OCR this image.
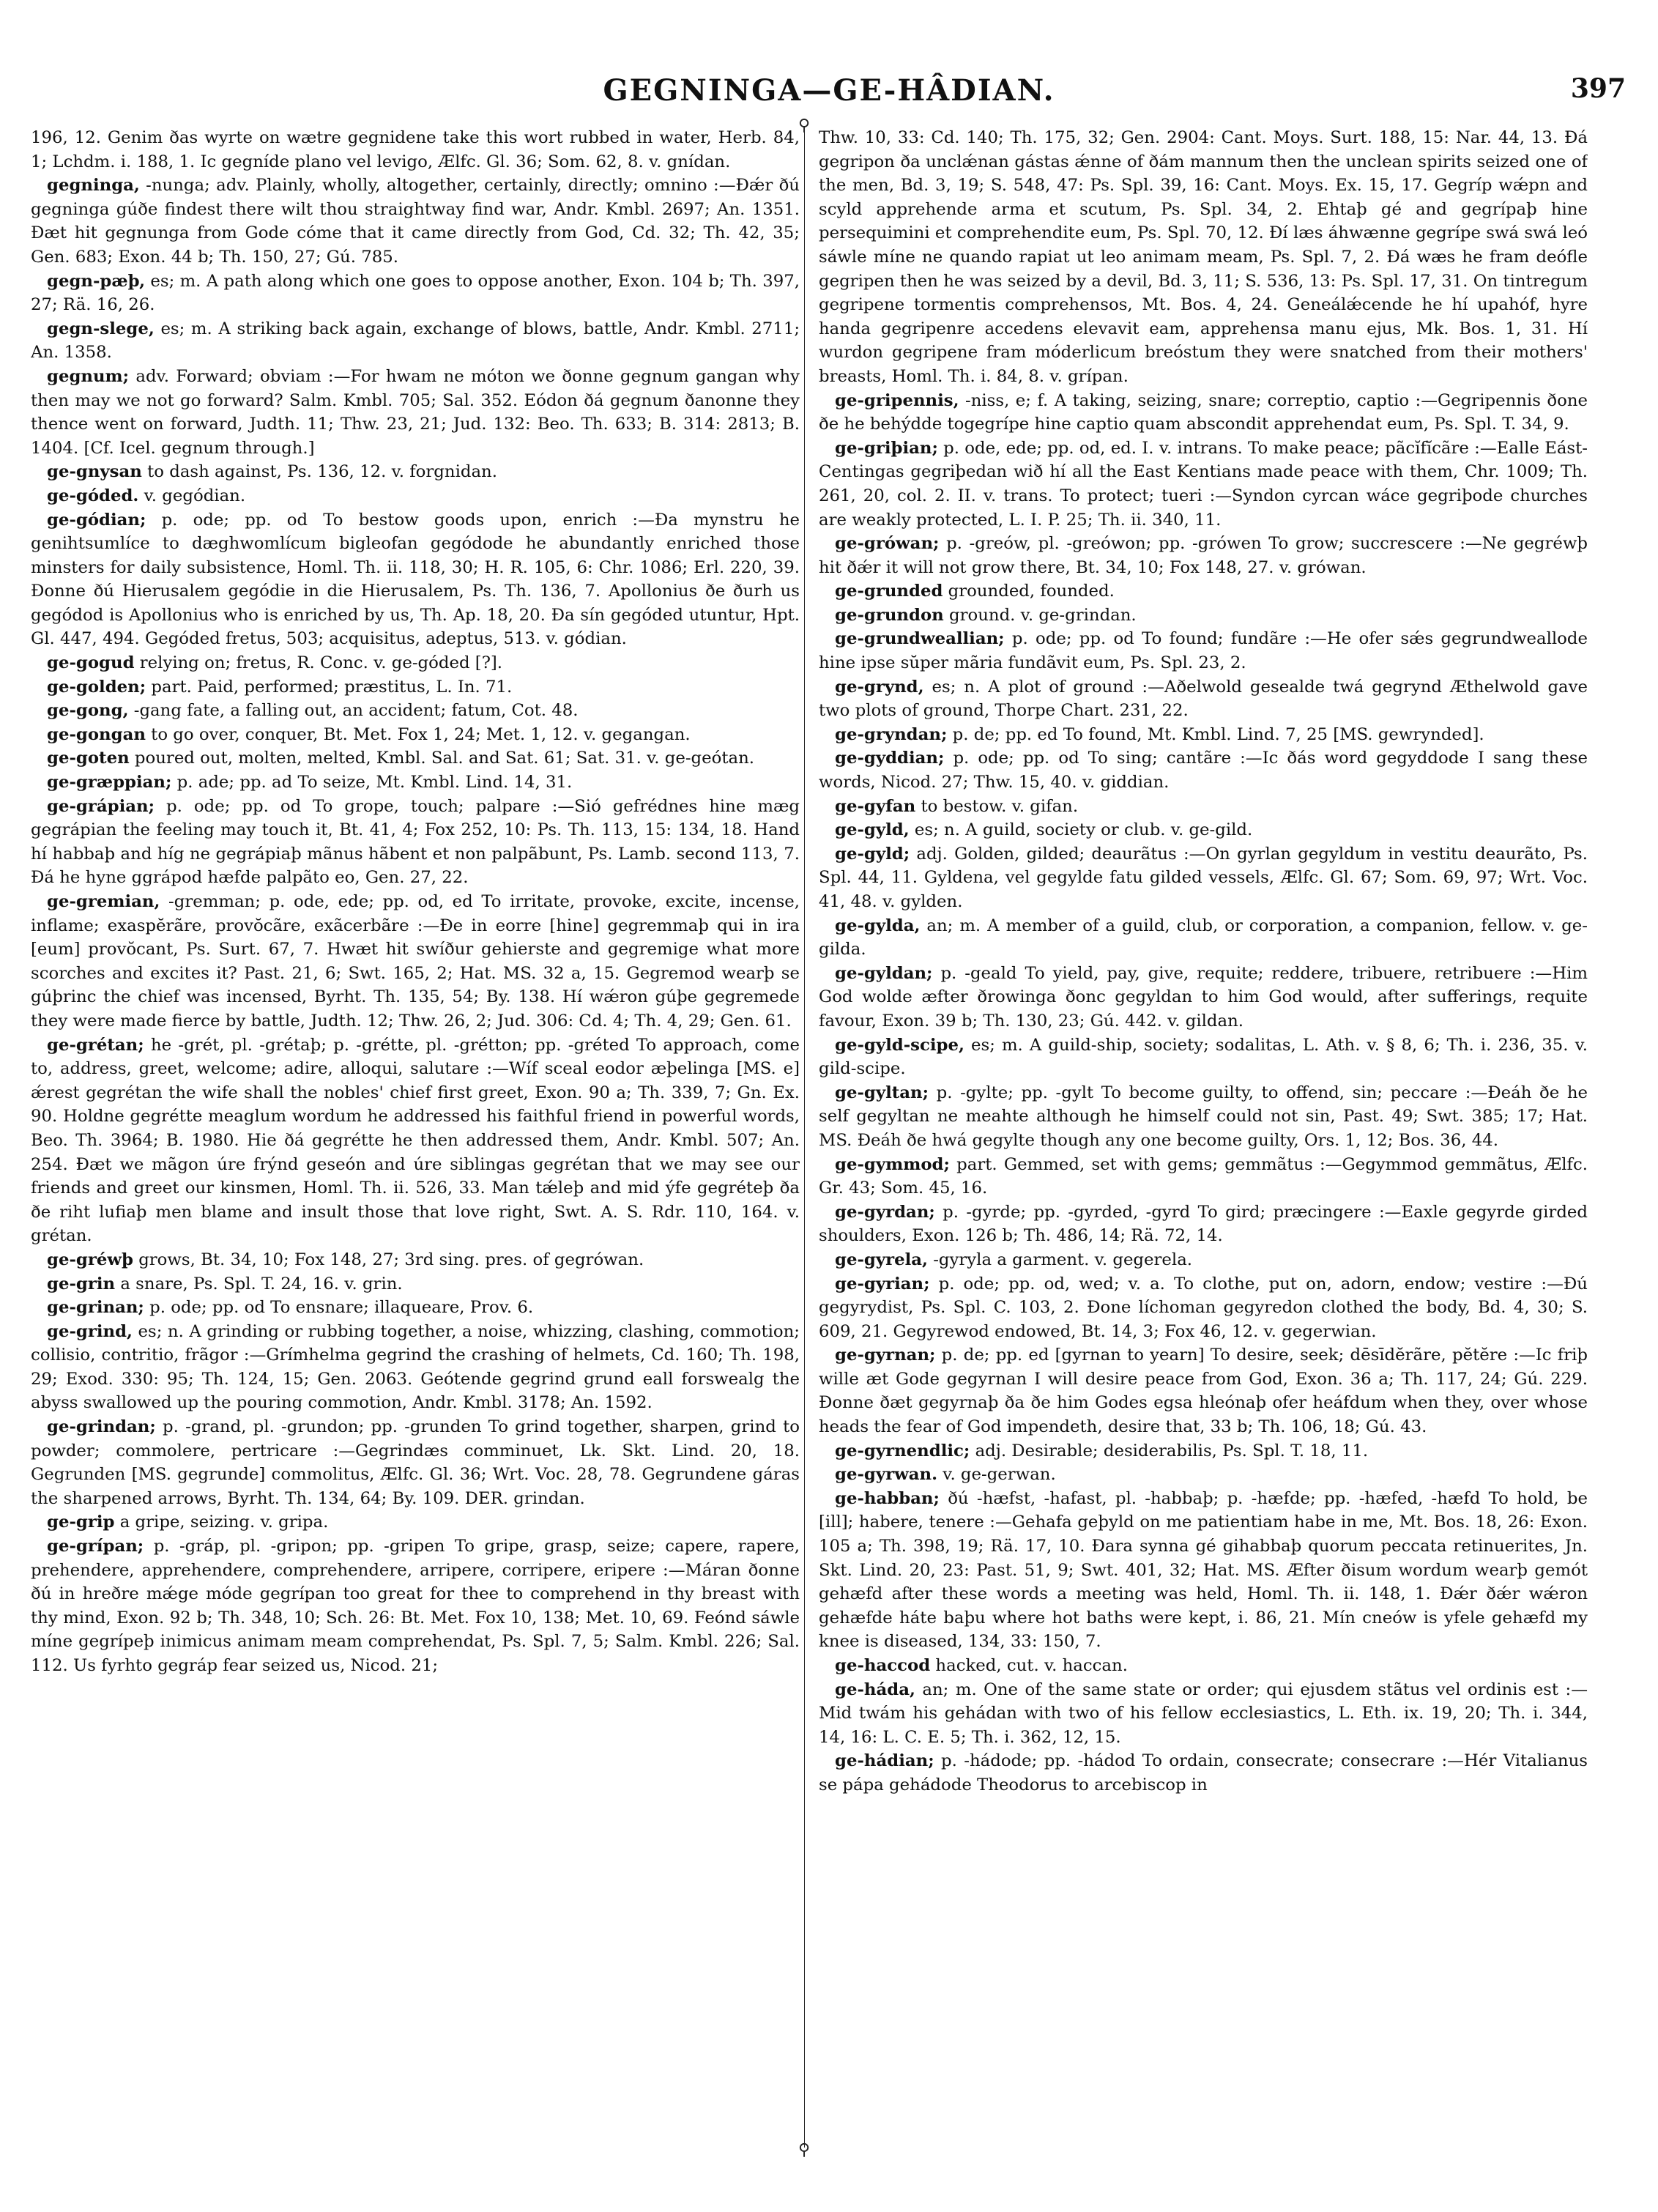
GEGNINGA—GE-HÂDIAN.	397

196, 12. Genim ðas wyrte on wætre gegnidene take this wort rubbed in water, Herb. 84, 1; Lchdm. i. 188, 1. Ic gegníde plano vel levigo, Ælfc. Gl. 36; Som. 62, 8. v. gnídan.

gegninga, -nunga; adv. Plainly, wholly, altogether, certainly, directly; omnino :—Ðǽr ðú gegninga gúðe findest there wilt thou straightway find war, Andr. Kmbl. 2697; An. 1351. Ðæt hit gegnunga from Gode cóme that it came directly from God, Cd. 32; Th. 42, 35; Gen. 683; Exon. 44 b; Th. 150, 27; Gú. 785.

gegn-pæþ, es; m. A path along which one goes to oppose another, Exon. 104 b; Th. 397, 27; Rä. 16, 26.

gegn-slege, es; m. A striking back again, exchange of blows, battle, Andr. Kmbl. 2711; An. 1358.

gegnum; adv. Forward; obviam :—For hwam ne móton we ðonne gegnum gangan why then may we not go forward? Salm. Kmbl. 705; Sal. 352. Eódon ðá gegnum ðanonne they thence went on forward, Judth. 11; Thw. 23, 21; Jud. 132: Beo. Th. 633; B. 314: 2813; B. 1404. [Cf. Icel. gegnum through.]

ge-gnysan to dash against, Ps. 136, 12. v. forgnidan.

ge-góded. v. gegódian.

ge-gódian; p. ode; pp. od To bestow goods upon, enrich :—Ða mynstru he genihtsumlíce to dæghwomlícum bigleofan gegódode he abundantly enriched those minsters for daily subsistence, Homl. Th. ii. 118, 30; H. R. 105, 6: Chr. 1086; Erl. 220, 39. Ðonne ðú Hierusalem gegódie in die Hierusalem, Ps. Th. 136, 7. Apollonius ðe ðurh us gegódod is Apollonius who is enriched by us, Th. Ap. 18, 20. Ða sín gegóded utuntur, Hpt. Gl. 447, 494. Gegóded fretus, 503; acquisitus, adeptus, 513. v. gódian.

ge-gogud relying on; fretus, R. Conc. v. ge-góded [?].

ge-golden; part. Paid, performed; præstitus, L. In. 71.

ge-gong, -gang fate, a falling out, an accident; fatum, Cot. 48.

ge-gongan to go over, conquer, Bt. Met. Fox 1, 24; Met. 1, 12. v. gegangan.

ge-goten poured out, molten, melted, Kmbl. Sal. and Sat. 61; Sat. 31. v. ge-geótan.

ge-græppian; p. ade; pp. ad To seize, Mt. Kmbl. Lind. 14, 31.

ge-grápian; p. ode; pp. od To grope, touch; palpare :—Sió gefrédnes hine mæg gegrápian the feeling may touch it, Bt. 41, 4; Fox 252, 10: Ps. Th. 113, 15: 134, 18. Hand hí habbaþ and híg ne gegrápiaþ mãnus hãbent et non palpãbunt, Ps. Lamb. second 113, 7. Ðá he hyne ggrápod hæfde palpãto eo, Gen. 27, 22.

ge-gremian, -gremman; p. ode, ede; pp. od, ed To irritate, provoke, excite, incense, inflame; exaspĕrãre, provŏcãre, exãcerbãre :—Ðe in eorre [hine] gegremmaþ qui in ira [eum] provŏcant, Ps. Surt. 67, 7. Hwæt hit swíður gehierste and gegremige what more scorches and excites it? Past. 21, 6; Swt. 165, 2; Hat. MS. 32 a, 15. Gegremod wearþ se gúþrinc the chief was incensed, Byrht. Th. 135, 54; By. 138. Hí wǽron gúþe gegremede they were made fierce by battle, Judth. 12; Thw. 26, 2; Jud. 306: Cd. 4; Th. 4, 29; Gen. 61.

ge-grétan; he -grét, pl. -grétaþ; p. -grétte, pl. -grétton; pp. -gréted To approach, come to, address, greet, welcome; adire, alloqui, salutare :—Wíf sceal eodor æþelinga [MS. e] ǽrest gegrétan the wife shall the nobles' chief first greet, Exon. 90 a; Th. 339, 7; Gn. Ex. 90. Holdne gegrétte meaglum wordum he addressed his faithful friend in powerful words, Beo. Th. 3964; B. 1980. Hie ðá gegrétte he then addressed them, Andr. Kmbl. 507; An. 254. Ðæt we mãgon úre frýnd geseón and úre siblingas gegrétan that we may see our friends and greet our kinsmen, Homl. Th. ii. 526, 33. Man tǽleþ and mid ýfe gegréteþ ða ðe riht lufiaþ men blame and insult those that love right, Swt. A. S. Rdr. 110, 164. v. grétan.

ge-gréwþ grows, Bt. 34, 10; Fox 148, 27; 3rd sing. pres. of gegrówan.

ge-grin a snare, Ps. Spl. T. 24, 16. v. grin.

ge-grinan; p. ode; pp. od To ensnare; illaqueare, Prov. 6.

ge-grind, es; n. A grinding or rubbing together, a noise, whizzing, clashing, commotion; collisio, contritio, frãgor :—Grímhelma gegrind the crashing of helmets, Cd. 160; Th. 198, 29; Exod. 330: 95; Th. 124, 15; Gen. 2063. Geótende gegrind grund eall forswealg the abyss swallowed up the pouring commotion, Andr. Kmbl. 3178; An. 1592.

ge-grindan; p. -grand, pl. -grundon; pp. -grunden To grind together, sharpen, grind to powder; commolere, pertricare :—Gegrindæs comminuet, Lk. Skt. Lind. 20, 18. Gegrunden [MS. gegrunde] commolitus, Ælfc. Gl. 36; Wrt. Voc. 28, 78. Gegrundene gáras the sharpened arrows, Byrht. Th. 134, 64; By. 109. DER. grindan.

ge-grip a gripe, seizing. v. gripa.

ge-grípan; p. -gráp, pl. -gripon; pp. -gripen To gripe, grasp, seize; capere, rapere, prehendere, apprehendere, comprehendere, arripere, corripere, eripere :—Máran ðonne ðú in hreðre mǽge móde gegrípan too great for thee to comprehend in thy breast with thy mind, Exon. 92 b; Th. 348, 10; Sch. 26: Bt. Met. Fox 10, 138; Met. 10, 69. Feónd sáwle míne gegrípeþ inimicus animam meam comprehendat, Ps. Spl. 7, 5; Salm. Kmbl. 226; Sal. 112. Us fyrhto gegráp fear seized us, Nicod. 21;

⚲
⚲

Thw. 10, 33: Cd. 140; Th. 175, 32; Gen. 2904: Cant. Moys. Surt. 188, 15: Nar. 44, 13. Ðá gegripon ða unclǽnan gástas ǽnne of ðám mannum then the unclean spirits seized one of the men, Bd. 3, 19; S. 548, 47: Ps. Spl. 39, 16: Cant. Moys. Ex. 15, 17. Gegríp wǽpn and scyld apprehende arma et scutum, Ps. Spl. 34, 2. Ehtaþ gé and gegrípaþ hine persequimini et comprehendite eum, Ps. Spl. 70, 12. Ðí læs áhwænne gegrípe swá swá leó sáwle míne ne quando rapiat ut leo animam meam, Ps. Spl. 7, 2. Ðá wæs he fram deófle gegripen then he was seized by a devil, Bd. 3, 11; S. 536, 13: Ps. Spl. 17, 31. On tintregum gegripene tormentis comprehensos, Mt. Bos. 4, 24. Geneálǽcende he hí upahóf, hyre handa gegripenre accedens elevavit eam, apprehensa manu ejus, Mk. Bos. 1, 31. Hí wurdon gegripene fram móderlicum breóstum they were snatched from their mothers' breasts, Homl. Th. i. 84, 8. v. grípan.

ge-gripennis, -niss, e; f. A taking, seizing, snare; correptio, captio :—Gegripennis ðone ðe he behýdde togegrípe hine captio quam abscondit apprehendat eum, Ps. Spl. T. 34, 9.

ge-griþian; p. ode, ede; pp. od, ed. I. v. intrans. To make peace; pãcĭfĭcãre :—Ealle Eást-Centingas gegriþedan wið hí all the East Kentians made peace with them, Chr. 1009; Th. 261, 20, col. 2. II. v. trans. To protect; tueri :—Syndon cyrcan wáce gegriþode churches are weakly protected, L. I. P. 25; Th. ii. 340, 11.

ge-grówan; p. -greów, pl. -greówon; pp. -grówen To grow; succrescere :—Ne gegréwþ hit ðǽr it will not grow there, Bt. 34, 10; Fox 148, 27. v. grówan.

ge-grunded grounded, founded.

ge-grundon ground. v. ge-grindan.

ge-grundweallian; p. ode; pp. od To found; fundãre :—He ofer sǽs gegrundweallode hine ipse sŭper mãria fundãvit eum, Ps. Spl. 23, 2.

ge-grynd, es; n. A plot of ground :—Aðelwold gesealde twá gegrynd Æthelwold gave two plots of ground, Thorpe Chart. 231, 22.

ge-gryndan; p. de; pp. ed To found, Mt. Kmbl. Lind. 7, 25 [MS. gewrynded].

ge-gyddian; p. ode; pp. od To sing; cantãre :—Ic ðás word gegyddode I sang these words, Nicod. 27; Thw. 15, 40. v. giddian.

ge-gyfan to bestow. v. gifan.

ge-gyld, es; n. A guild, society or club. v. ge-gild.

ge-gyld; adj. Golden, gilded; deaurãtus :—On gyrlan gegyldum in vestitu deaurãto, Ps. Spl. 44, 11. Gyldena, vel gegylde fatu gilded vessels, Ælfc. Gl. 67; Som. 69, 97; Wrt. Voc. 41, 48. v. gylden.

ge-gylda, an; m. A member of a guild, club, or corporation, a companion, fellow. v. ge-gilda.

ge-gyldan; p. -geald To yield, pay, give, requite; reddere, tribuere, retribuere :—Him God wolde æfter ðrowinga ðonc gegyldan to him God would, after sufferings, requite favour, Exon. 39 b; Th. 130, 23; Gú. 442. v. gildan.

ge-gyld-scipe, es; m. A guild-ship, society; sodalitas, L. Ath. v. § 8, 6; Th. i. 236, 35. v. gild-scipe.

ge-gyltan; p. -gylte; pp. -gylt To become guilty, to offend, sin; peccare :—Ðeáh ðe he self gegyltan ne meahte although he himself could not sin, Past. 49; Swt. 385; 17; Hat. MS. Ðeáh ðe hwá gegylte though any one become guilty, Ors. 1, 12; Bos. 36, 44.

ge-gymmod; part. Gemmed, set with gems; gemmãtus :—Gegymmod gemmãtus, Ælfc. Gr. 43; Som. 45, 16.

ge-gyrdan; p. -gyrde; pp. -gyrded, -gyrd To gird; præcingere :—Eaxle gegyrde girded shoulders, Exon. 126 b; Th. 486, 14; Rä. 72, 14.

ge-gyrela, -gyryla a garment. v. gegerela.

ge-gyrian; p. ode; pp. od, wed; v. a. To clothe, put on, adorn, endow; vestire :—Ðú gegyrydist, Ps. Spl. C. 103, 2. Ðone líchoman gegyredon clothed the body, Bd. 4, 30; S. 609, 21. Gegyrewod endowed, Bt. 14, 3; Fox 46, 12. v. gegerwian.

ge-gyrnan; p. de; pp. ed [gyrnan to yearn] To desire, seek; dēsīdĕrãre, pĕtĕre :—Ic friþ wille æt Gode gegyrnan I will desire peace from God, Exon. 36 a; Th. 117, 24; Gú. 229. Ðonne ðæt gegyrnaþ ða ðe him Godes egsa hleónaþ ofer heáfdum when they, over whose heads the fear of God impendeth, desire that, 33 b; Th. 106, 18; Gú. 43.

ge-gyrnendlic; adj. Desirable; desiderabilis, Ps. Spl. T. 18, 11.

ge-gyrwan. v. ge-gerwan.

ge-habban; ðú -hæfst, -hafast, pl. -habbaþ; p. -hæfde; pp. -hæfed, -hæfd To hold, be [ill]; habere, tenere :—Gehafa geþyld on me patientiam habe in me, Mt. Bos. 18, 26: Exon. 105 a; Th. 398, 19; Rä. 17, 10. Ðara synna gé gihabbaþ quorum peccata retinuerites, Jn. Skt. Lind. 20, 23: Past. 51, 9; Swt. 401, 32; Hat. MS. Æfter ðisum wordum wearþ gemót gehæfd after these words a meeting was held, Homl. Th. ii. 148, 1. Ðǽr ðǽr wǽron gehæfde háte baþu where hot baths were kept, i. 86, 21. Mín cneów is yfele gehæfd my knee is diseased, 134, 33: 150, 7.

ge-haccod hacked, cut. v. haccan.

ge-háda, an; m. One of the same state or order; qui ejusdem stãtus vel ordinis est :—Mid twám his gehádan with two of his fellow ecclesiastics, L. Eth. ix. 19, 20; Th. i. 344, 14, 16: L. C. E. 5; Th. i. 362, 12, 15.

ge-hádian; p. -hádode; pp. -hádod To ordain, consecrate; consecrare :—Hér Vitalianus se pápa gehádode Theodorus to arcebiscop in
